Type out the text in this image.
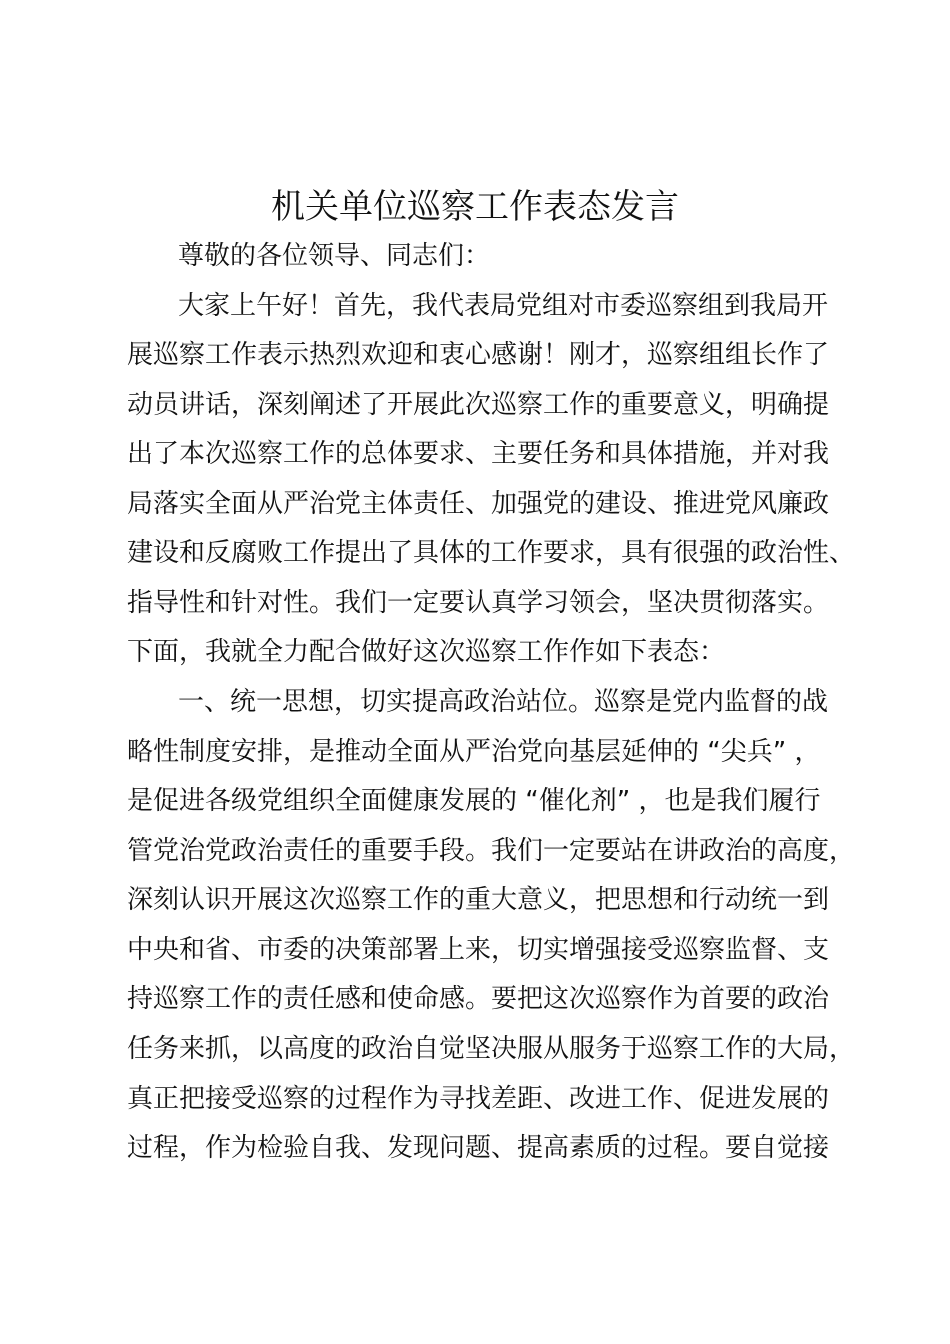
机关单位巡察工作表态发言
尊敬的各位领导、同志们：
大家上午好！首先，我代表局党组对市委巡察组到我局开
展巡察工作表示热烈欢迎和衷心感谢！刚才，巡察组组长作了
动员讲话，深刻阐述了开展此次巡察工作的重要意义，明确提
出了本次巡察工作的总体要求、主要任务和具体措施，并对我
局落实全面从严治党主体责任、加强党的建设、推进党风廉政
建设和反腐败工作提出了具体的工作要求，具有很强的政治性、
指导性和针对性。我们一定要认真学习领会，坚决贯彻落实。
下面，我就全力配合做好这次巡察工作作如下表态：
一、统一思想，切实提高政治站位。巡察是党内监督的战
略性制度安排，是推动全面从严治党向基层延伸的 “尖兵” ，
是促进各级党组织全面健康发展的 “催化剂” ，也是我们履行
管党治党政治责任的重要手段。我们一定要站在讲政治的高度，
深刻认识开展这次巡察工作的重大意义，把思想和行动统一到
中央和省、市委的决策部署上来，切实增强接受巡察监督、支
持巡察工作的责任感和使命感。要把这次巡察作为首要的政治
任务来抓，以高度的政治自觉坚决服从服务于巡察工作的大局，
真正把接受巡察的过程作为寻找差距、改进工作、促进发展的
过程，作为检验自我、发现问题、提高素质的过程。要自觉接
